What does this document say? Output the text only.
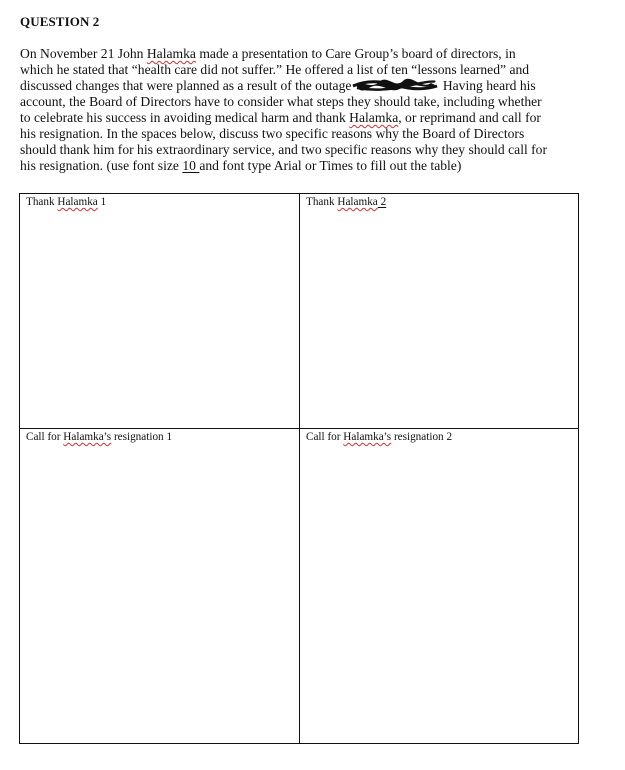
QUESTION 2
On November 21 John Halamka made a presentation to Care Group’s board of directors, in
which he stated that “health care did not suffer.” He offered a list of ten “lessons learned” and
discussed changes that were planned as a result of the outage	Having heard his
account, the Board of Directors have to consider what steps they should take, including whether
to celebrate his success in avoiding medical harm and thank Halamka, or reprimand and call for
his resignation. In the spaces below, discuss two specific reasons why the Board of Directors
should thank him for his extraordinary service, and two specific reasons why they should call for
his resignation. (use font size 10 and font type Arial or Times to fill out the table)
Thank Halamka 1	Thank Halamka 2
Call for Halamka’s resignation 1	Call for Halamka’s resignation 2
